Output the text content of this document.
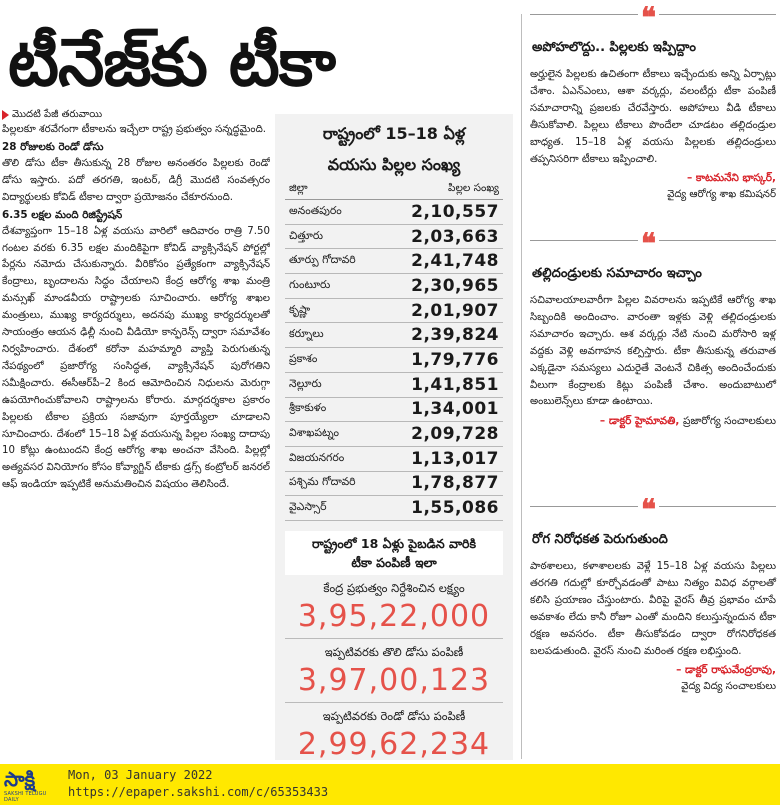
టీనేజ్‌కు టీకా
మొదటి పేజీ తరువాయి

పిల్లలకూ శరవేగంగా టీకాలను ఇచ్చేలా రాష్ట్ర ప్రభుత్వం సన్నద్ధమైంది.

28 రోజులకు రెండో డోసు

తొలి డోసు టీకా తీసుకున్న 28 రోజుల అనంతరం పిల్లలకు రెండో డోసు ఇస్తారు. పదో తరగతి, ఇంటర్, డిగ్రీ మొదటి సంవత్సరం విద్యార్థులకు కోవిడ్ టీకాల ద్వారా ప్రయోజనం చేకూరనుంది.

6.35 లక్షల మంది రిజిస్ట్రేషన్

దేశవ్యాప్తంగా 15–18 ఏళ్ల వయసు వారిలో ఆదివారం రాత్రి 7.50 గంటల వరకు 6.35 లక్షల మందికిపైగా కోవిడ్ వ్యాక్సినేషన్ పోర్టల్లో పేర్లను నమోదు చేసుకున్నారు. వీరికోసం ప్రత్యేకంగా వ్యాక్సినేషన్ కేంద్రాలు, బృందాలను సిద్ధం చేయాలని కేంద్ర ఆరోగ్య శాఖ మంత్రి మన్సుఖ్ మాండవీయ రాష్ట్రాలకు సూచించారు. ఆరోగ్య శాఖల మంత్రులు, ముఖ్య కార్యదర్శులు, అదనపు ముఖ్య కార్యదర్శులతో సాయంత్రం ఆయన ఢిల్లీ నుంచి వీడియో కాన్ఫరెన్స్ ద్వారా సమావేశం నిర్వహించారు. దేశంలో కరోనా మహమ్మారి వ్యాప్తి పెరుగుతున్న నేపథ్యంలో ప్రజారోగ్య సంసిద్ధత, వ్యాక్సినేషన్ పురోగతిని సమీక్షించారు. ఈసీఆర్‌పీ–2 కింద ఆమోదించిన నిధులను మెరుగ్గా ఉపయోగించుకోవాలని రాష్ట్రాలను కోరారు. మార్గదర్శకాల ప్రకారం పిల్లలకు టీకాల ప్రక్రియ సజావుగా పూర్తయ్యేలా చూడాలని సూచించారు. దేశంలో 15–18 ఏళ్ల వయసున్న పిల్లల సంఖ్య దాదాపు 10 కోట్లు ఉంటుందని కేంద్ర ఆరోగ్య శాఖ అంచనా వేసింది. పిల్లల్లో అత్యవసర వినియోగం కోసం కోవ్యాగ్జిన్ టీకాకు డ్రగ్స్ కంట్రోలర్ జనరల్ ఆఫ్ ఇండియా ఇప్పటికే అనుమతించిన విషయం తెలిసిందే.

రాష్ట్రంలో 15–18 ఏళ్ల
వయసు పిల్లల సంఖ్య
జిల్లా	పిల్లల సంఖ్య
అనంతపురం	2,10,557
చిత్తూరు	2,03,663
తూర్పు గోదావరి	2,41,748
గుంటూరు	2,30,965
కృష్ణా	2,01,907
కర్నూలు	2,39,824
ప్రకాశం	1,79,776
నెల్లూరు	1,41,851
శ్రీకాకుళం	1,34,001
విశాఖపట్నం	2,09,728
విజయనగరం	1,13,017
పశ్చిమ గోదావరి	1,78,877
వైఎస్సార్	1,55,086
రాష్ట్రంలో 18 ఏళ్లు పైబడిన వారికి
టీకా పంపిణీ ఇలా
కేంద్ర ప్రభుత్వం నిర్దేశించిన లక్ష్యం
3,95,22,000
ఇప్పటివరకు తొలి డోసు పంపిణీ
3,97,00,123
ఇప్పటివరకు రెండో డోసు పంపిణీ
2,99,62,234
❝
అపోహలొద్దు.. పిల్లలకు ఇప్పిద్దాం
అర్హులైన పిల్లలకు ఉచితంగా టీకాలు ఇచ్చేందుకు అన్ని ఏర్పాట్లు చేశాం. ఏఎన్‌ఎంలు, ఆశా వర్కర్లు, వలంటీర్లు టీకా పంపిణీ సమాచారాన్ని ప్రజలకు చేరవేస్తారు. అపోహలు వీడి టీకాలు తీసుకోవాలి. పిల్లలు టీకాలు పొందేలా చూడటం తల్లిదండ్రుల బాధ్యత. 15–18 ఏళ్ల వయసు పిల్లలకు తల్లిదండ్రులు తప్పనిసరిగా టీకాలు ఇప్పించాలి.
– కాటమనేని భాస్కర్,
వైద్య ఆరోగ్య శాఖ కమిషనర్
❝
తల్లిదండ్రులకు సమాచారం ఇచ్చాం
సచివాలయాలవారీగా పిల్లల వివరాలను ఇప్పటికే ఆరోగ్య శాఖ సిబ్బందికి అందించాం. వారంతా ఇళ్లకు వెళ్లి తల్లిదండ్రులకు సమాచారం ఇచ్చారు. ఆశ వర్కర్లు నేటి నుంచి మరోసారి ఇళ్ల వద్దకు వెళ్లి అవగాహన కల్పిస్తారు. టీకా తీసుకున్న తరువాత ఎక్కడైనా సమస్యలు ఎదురైతే వెంటనే చికిత్స అందించేందుకు వీలుగా కేంద్రాలకు కిట్లు పంపిణీ చేశాం. అందుబాటులో అంబులెన్స్‌లు కూడా ఉంటాయి.
– డాక్టర్ హైమావతి, ప్రజారోగ్య సంచాలకులు
❝
రోగ నిరోధకత పెరుగుతుంది
పాఠశాలలు, కళాశాలలకు వెళ్లే 15–18 ఏళ్ల వయసు పిల్లలు తరగతి గదుల్లో కూర్చోవడంతో పాటు నిత్యం వివిధ వర్గాలతో కలిసి ప్రయాణం చేస్తుంటారు. వీరిపై వైరస్ తీవ్ర ప్రభావం చూపే అవకాశం లేదు కానీ రోజూ ఎంతో మందిని కలుస్తున్నందున టీకా రక్షణ అవసరం. టీకా తీసుకోవడం ద్వారా రోగనిరోధకత బలపడుతుంది. వైరస్ నుంచి మరింత రక్షణ లభిస్తుంది.
– డాక్టర్ రాఘవేంద్రరావు,
వైద్య విద్య సంచాలకులు
సాక్షి
SAKSHI TELUGU DAILY
Mon, 03 January 2022
https://epaper.sakshi.com/c/65353433
